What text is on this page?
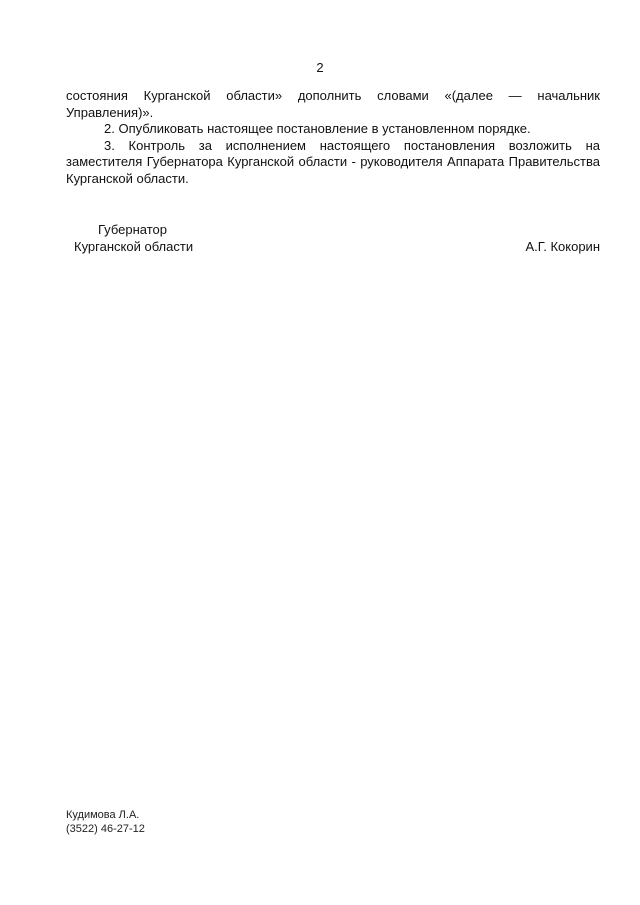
2

состояния Курганской области» дополнить словами «(далее — начальник

Управления)».

2. Опубликовать настоящее постановление в установленном порядке.

3. Контроль за исполнением настоящего постановления возложить на

заместителя Губернатора Курганской области - руководителя Аппарата Правительства Курганской области.

Губернатор
Курганской области	А.Г. Кокорин
Кудимова Л.А.
(3522) 46-27-12
